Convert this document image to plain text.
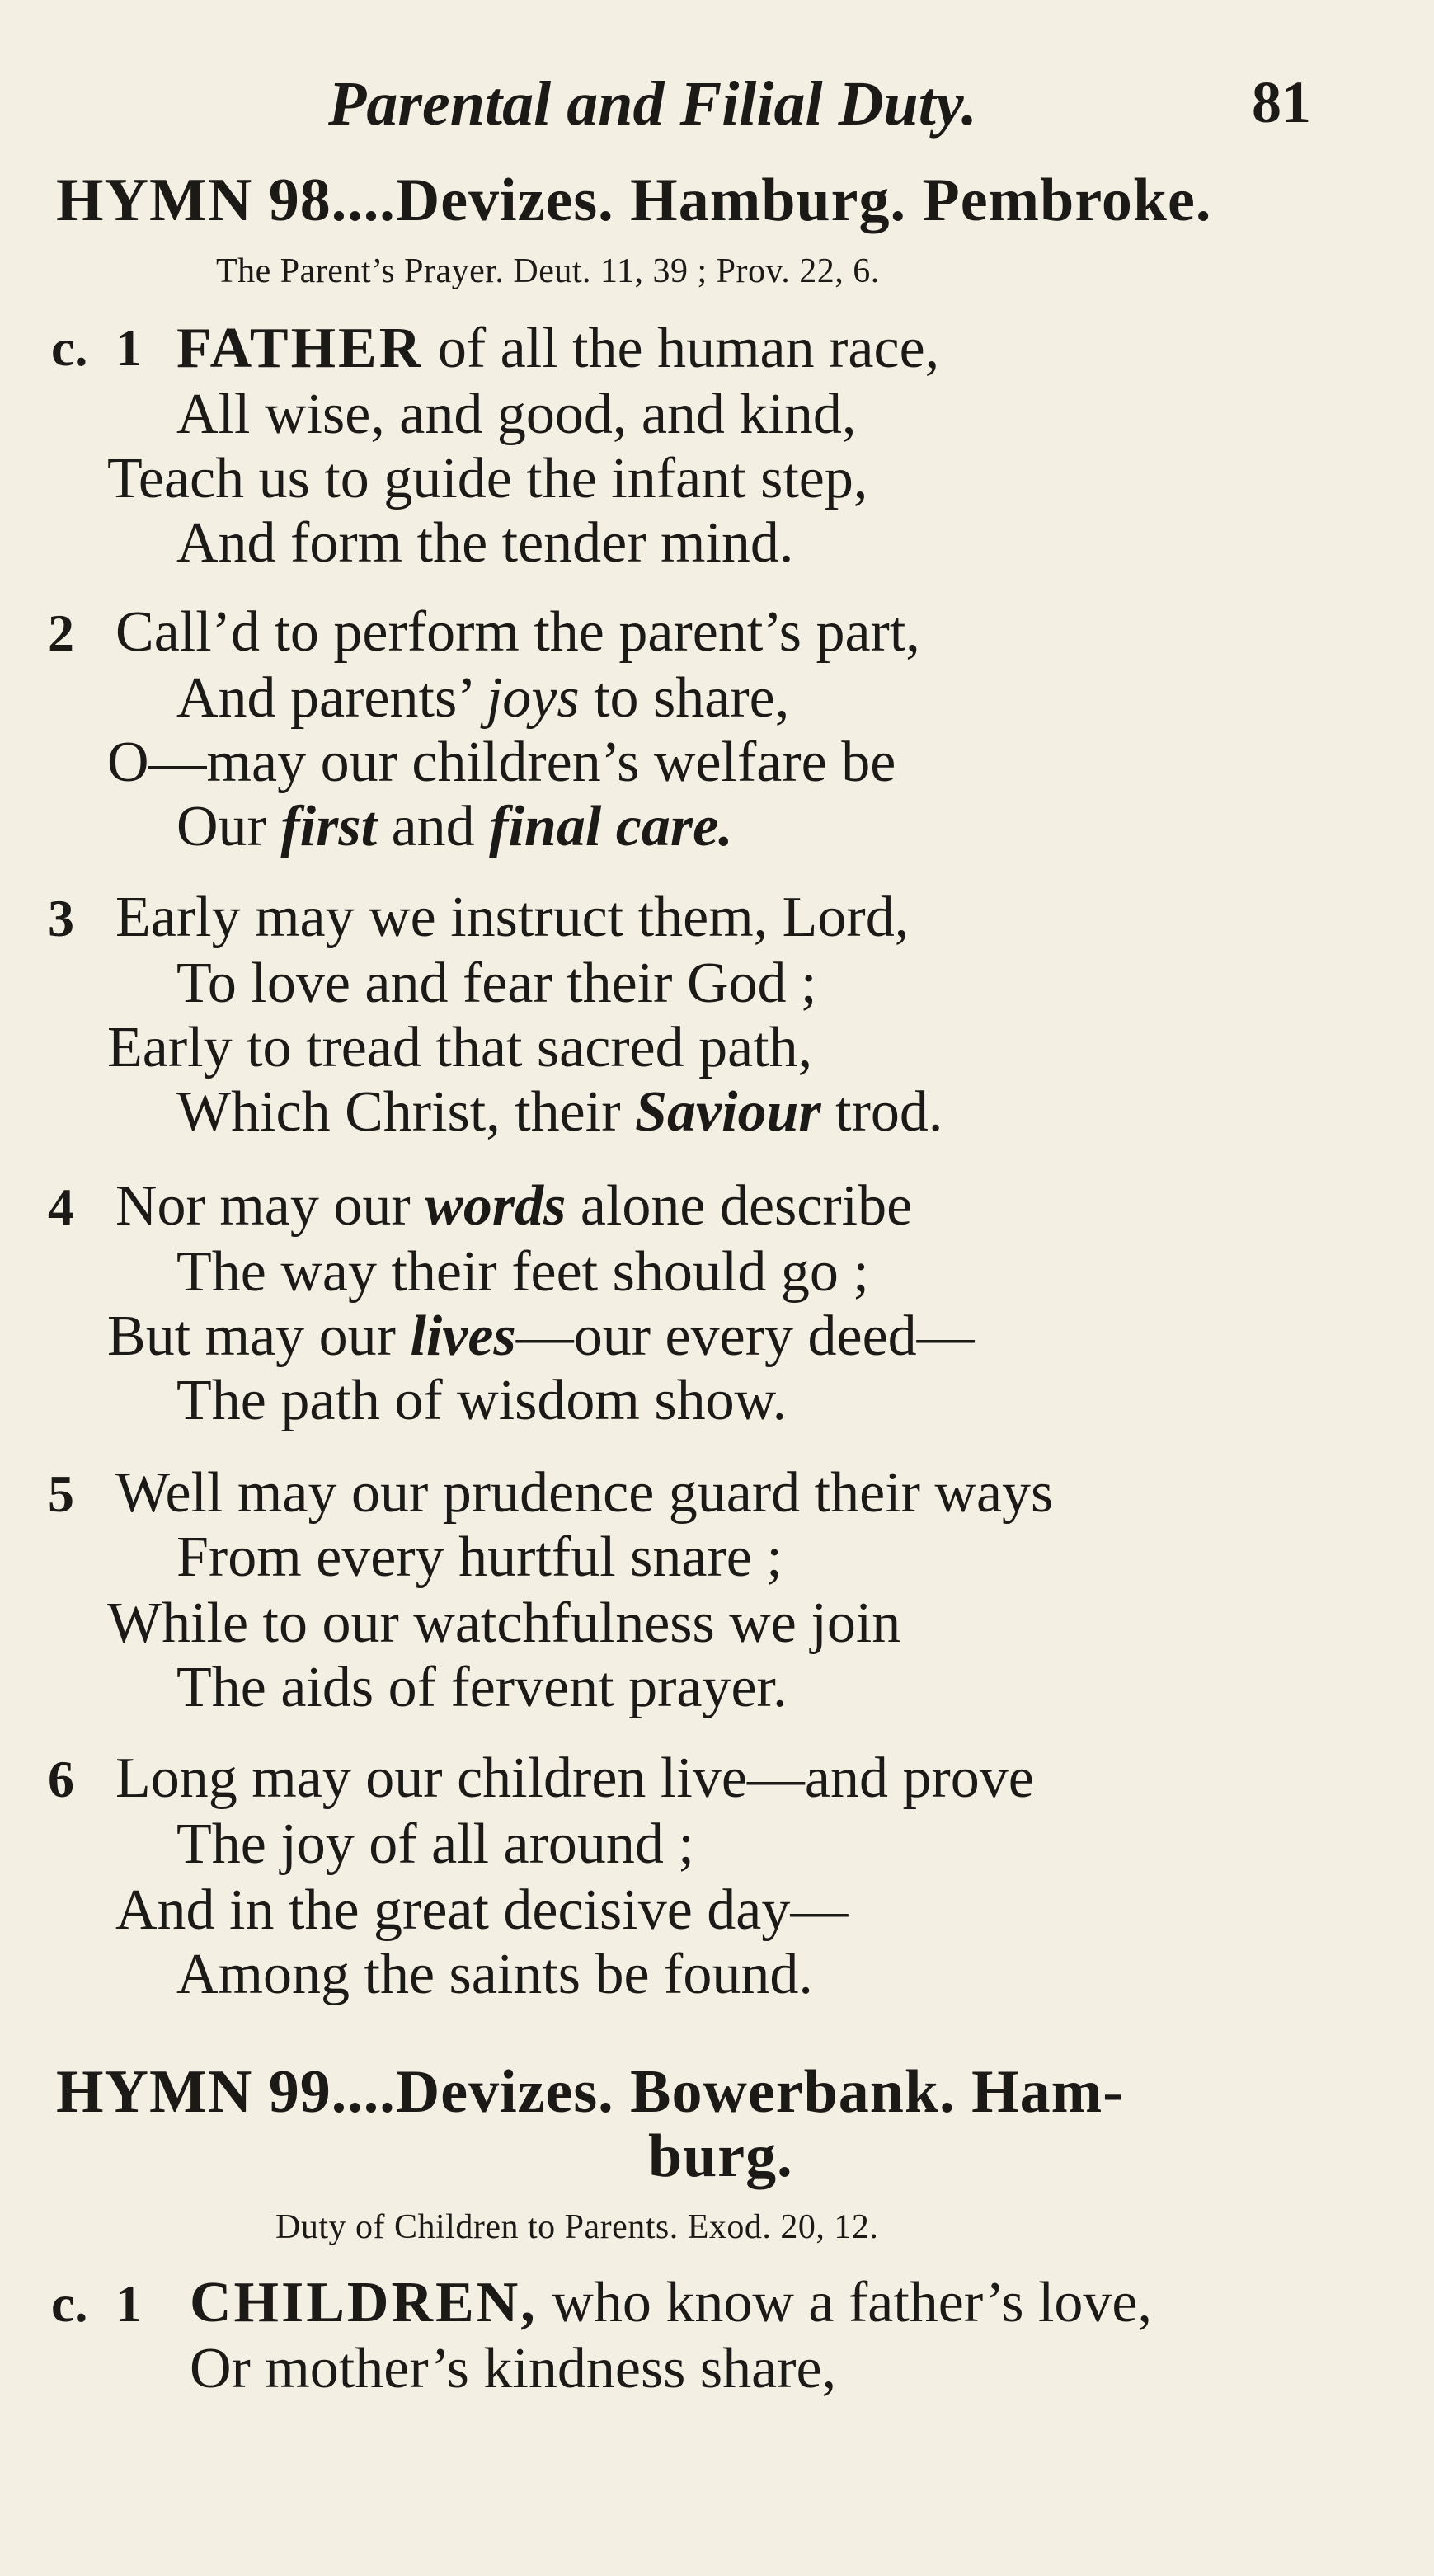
Parental and Filial Duty.	81
HYMN 98....Devizes. Hamburg. Pembroke.
The Parent’s Prayer. Deut. 11, 39 ; Prov. 22, 6.
c. 1 FATHER of all the human race,
All wise, and good, and kind,
Teach us to guide the infant step,
And form the tender mind.
2 Call’d to perform the parent’s part,
And parents’ joys to share,
O—may our children’s welfare be
Our first and final care.
3 Early may we instruct them, Lord,
To love and fear their God ;
Early to tread that sacred path,
Which Christ, their Saviour trod.
4 Nor may our words alone describe
The way their feet should go ;
But may our lives—our every deed—
The path of wisdom show.
5 Well may our prudence guard their ways
From every hurtful snare ;
While to our watchfulness we join
The aids of fervent prayer.
6 Long may our children live—and prove
The joy of all around ;
And in the great decisive day—
Among the saints be found.
HYMN 99....Devizes. Bowerbank. Ham-
burg.
Duty of Children to Parents. Exod. 20, 12.
c. 1 CHILDREN, who know a father’s love,
Or mother’s kindness share,
